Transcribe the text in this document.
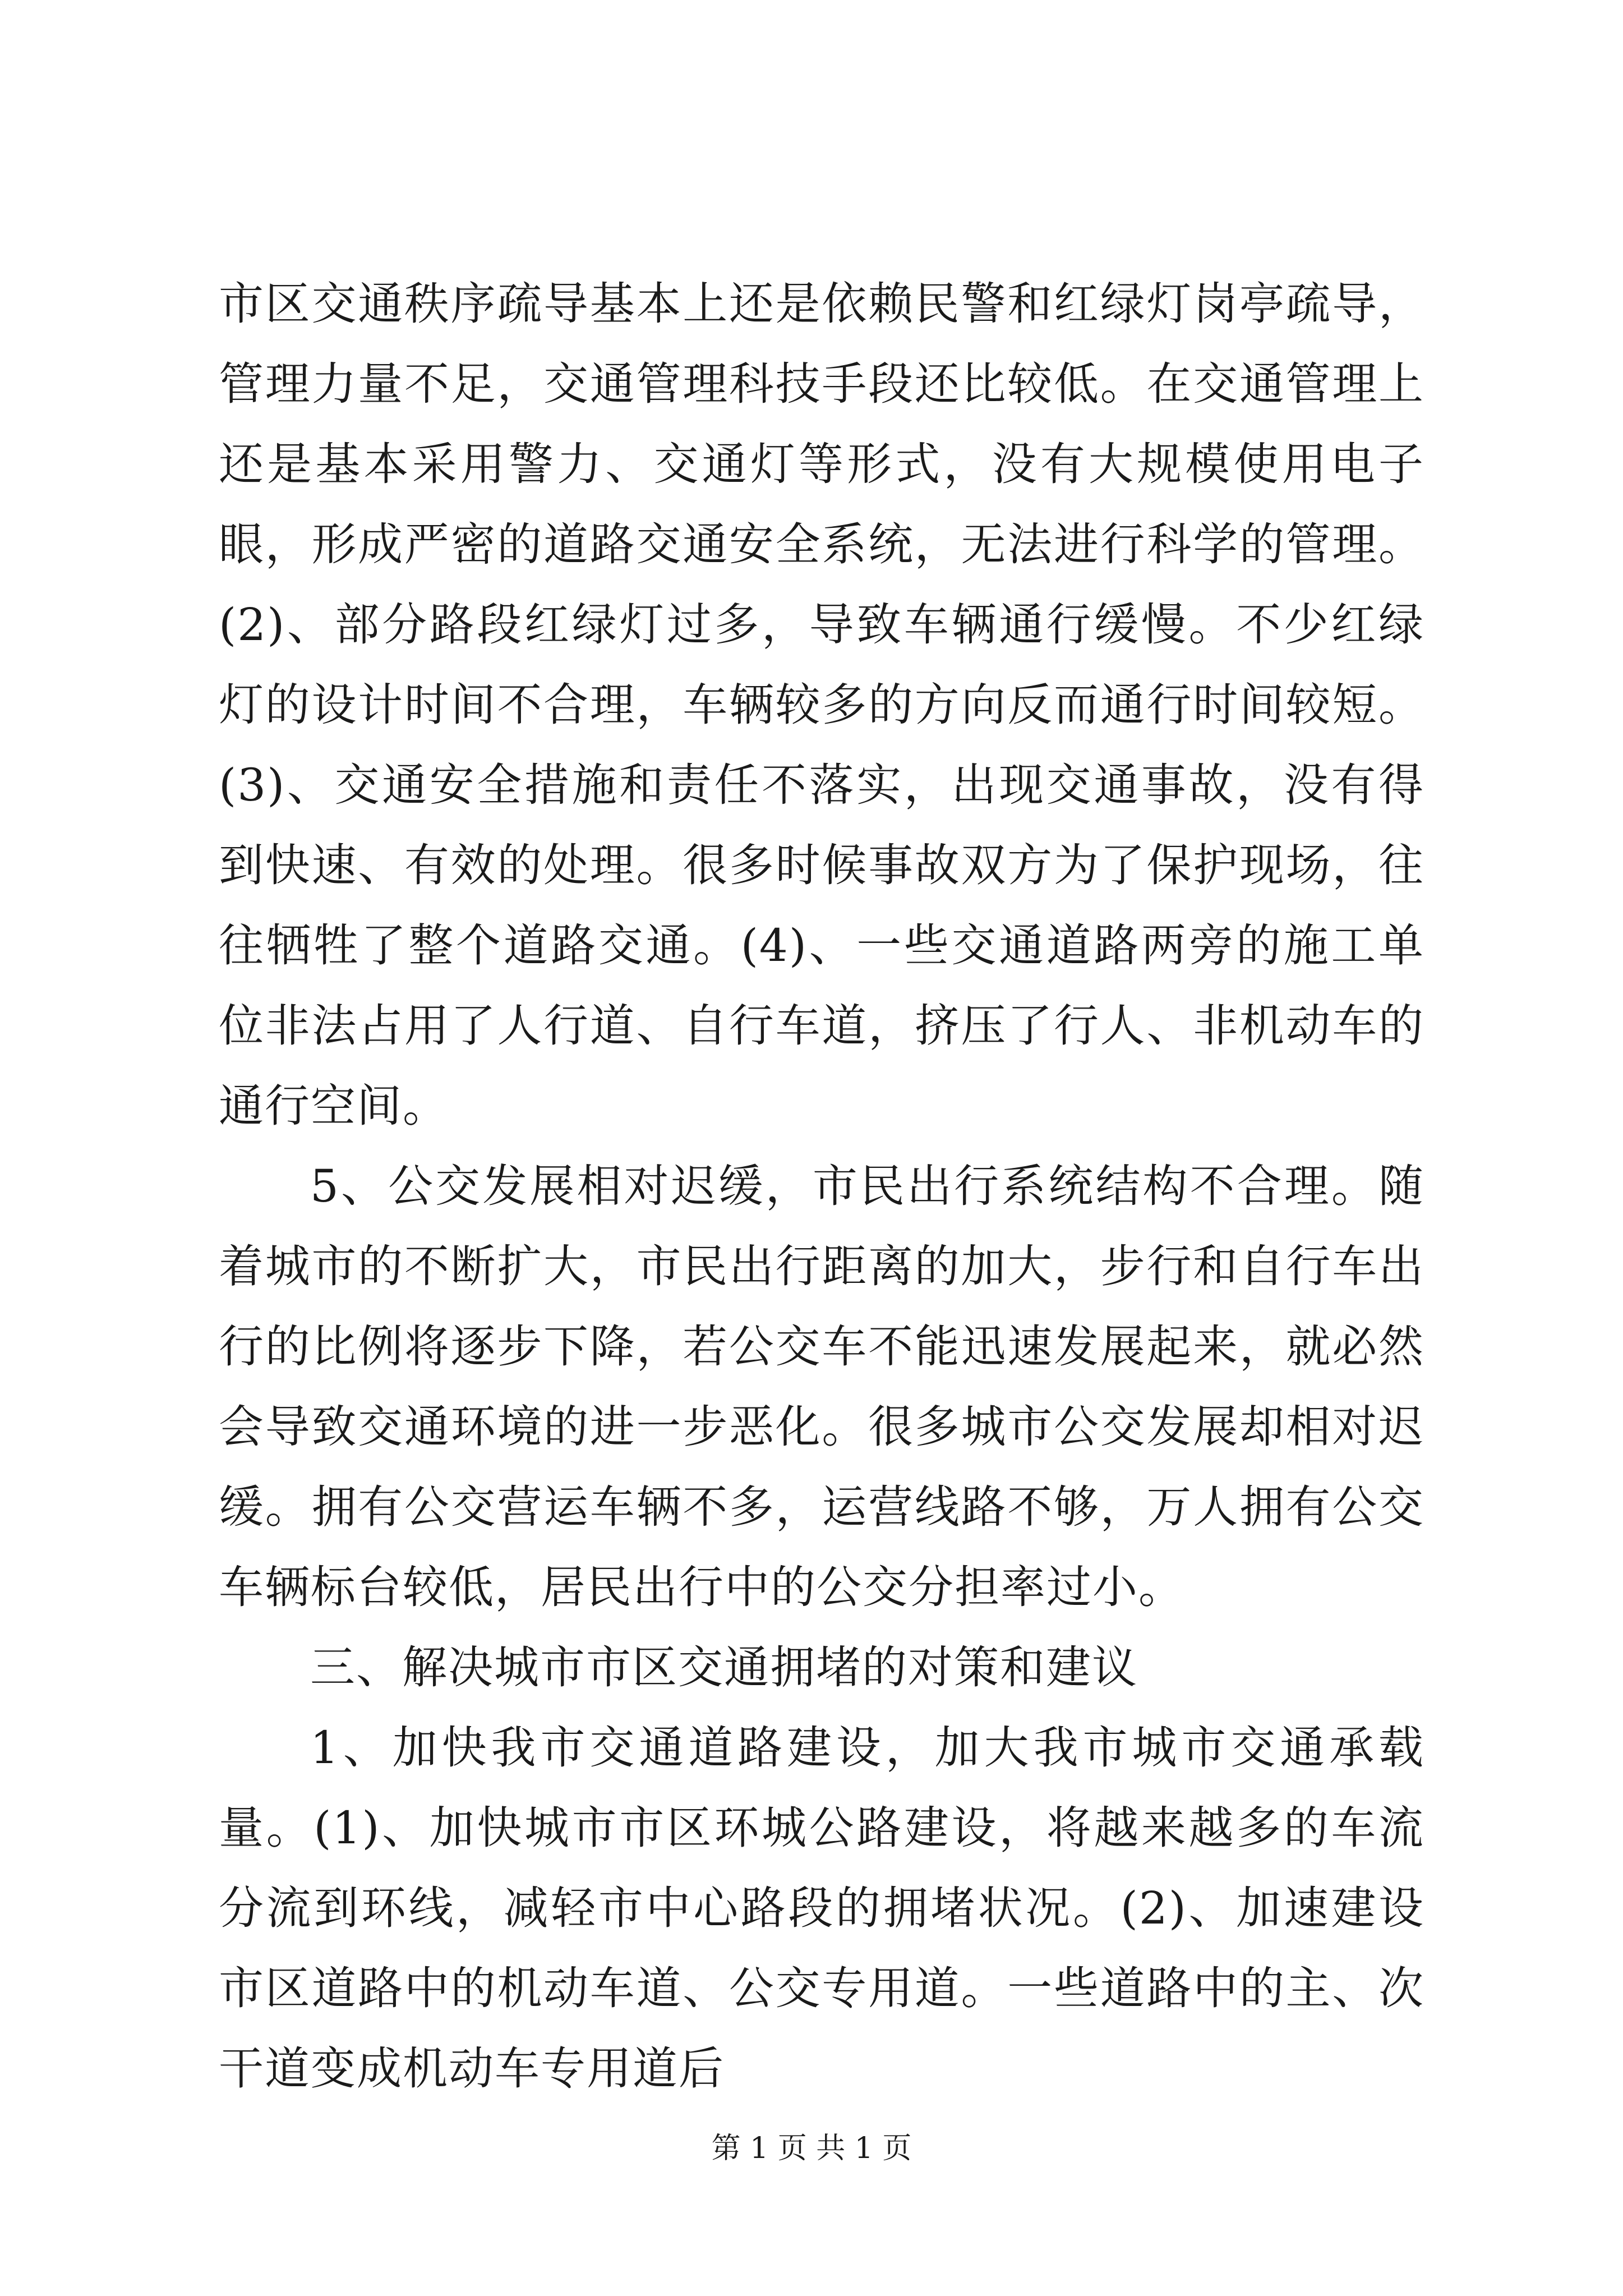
市区交通秩序疏导基本上还是依赖民警和红绿灯岗亭疏导，管理力量不足，交通管理科技手段还比较低。在交通管理上还是基本采用警力、交通灯等形式，没有大规模使用电子眼，形成严密的道路交通安全系统，无法进行科学的管理。(2)、部分路段红绿灯过多，导致车辆通行缓慢。不少红绿灯的设计时间不合理，车辆较多的方向反而通行时间较短。(3)、交通安全措施和责任不落实，出现交通事故，没有得到快速、有效的处理。很多时候事故双方为了保护现场，往往牺牲了整个道路交通。(4)、一些交通道路两旁的施工单位非法占用了人行道、自行车道，挤压了行人、非机动车的通行空间。

5、公交发展相对迟缓，市民出行系统结构不合理。随着城市的不断扩大，市民出行距离的加大，步行和自行车出行的比例将逐步下降，若公交车不能迅速发展起来，就必然会导致交通环境的进一步恶化。很多城市公交发展却相对迟缓。拥有公交营运车辆不多，运营线路不够，万人拥有公交车辆标台较低，居民出行中的公交分担率过小。

三、解决城市市区交通拥堵的对策和建议

1、加快我市交通道路建设，加大我市城市交通承载量。(1)、加快城市市区环城公路建设，将越来越多的车流分流到环线，减轻市中心路段的拥堵状况。(2)、加速建设市区道路中的机动车道、公交专用道。一些道路中的主、次干道变成机动车专用道后

第 1 页 共 1 页
